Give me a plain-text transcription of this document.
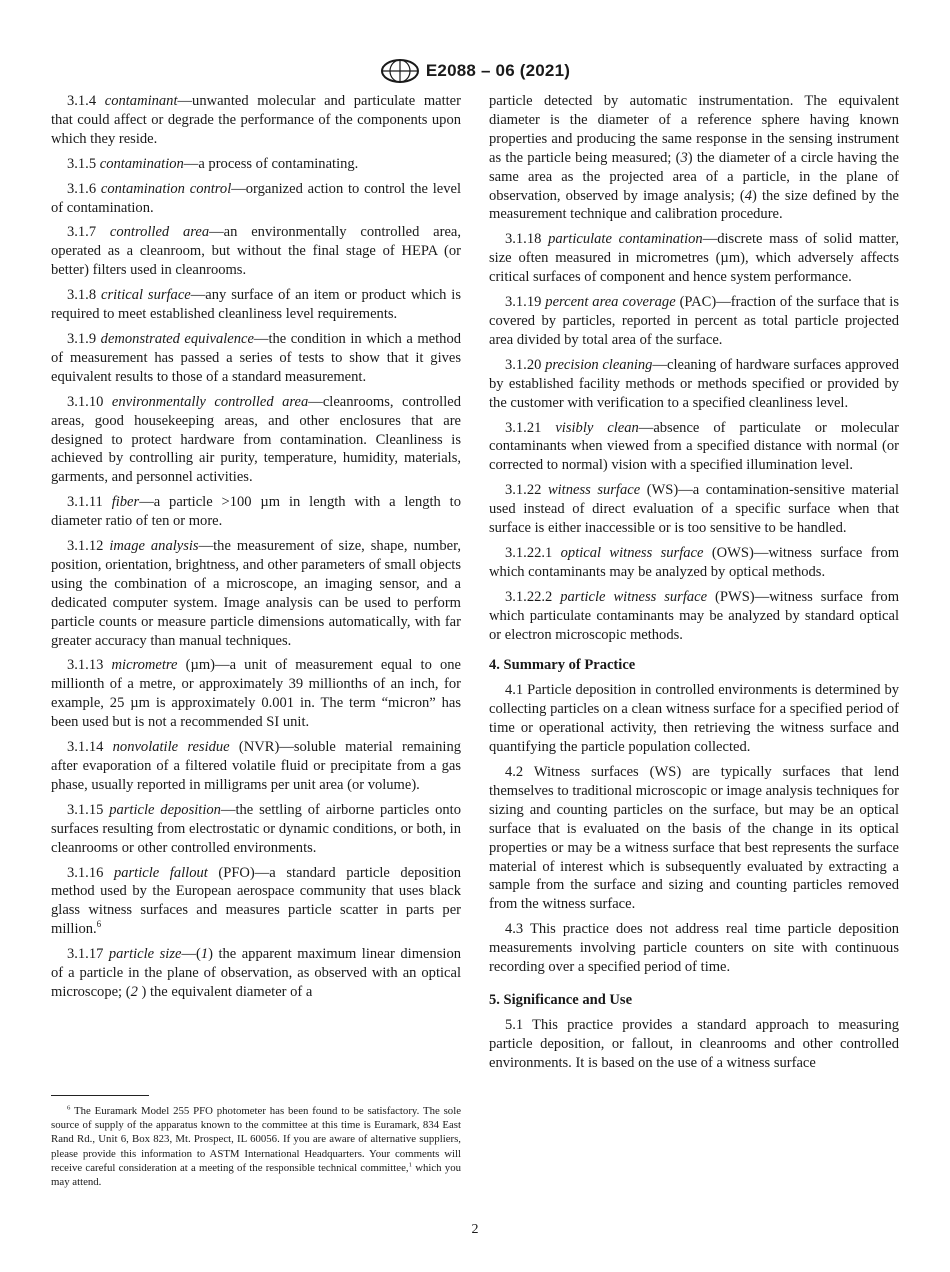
E2088 – 06 (2021)

3.1.4 contaminant—unwanted molecular and particulate matter that could affect or degrade the performance of the components upon which they reside.

3.1.5 contamination—a process of contaminating.

3.1.6 contamination control—organized action to control the level of contamination.

3.1.7 controlled area—an environmentally controlled area, operated as a cleanroom, but without the final stage of HEPA (or better) filters used in cleanrooms.

3.1.8 critical surface—any surface of an item or product which is required to meet established cleanliness level requirements.

3.1.9 demonstrated equivalence—the condition in which a method of measurement has passed a series of tests to show that it gives equivalent results to those of a standard measurement.

3.1.10 environmentally controlled area—cleanrooms, controlled areas, good housekeeping areas, and other enclosures that are designed to protect hardware from contamination. Cleanliness is achieved by controlling air purity, temperature, humidity, materials, garments, and personnel activities.

3.1.11 fiber—a particle >100 µm in length with a length to diameter ratio of ten or more.

3.1.12 image analysis—the measurement of size, shape, number, position, orientation, brightness, and other parameters of small objects using the combination of a microscope, an imaging sensor, and a dedicated computer system. Image analysis can be used to perform particle counts or measure particle dimensions automatically, with far greater accuracy than manual techniques.

3.1.13 micrometre (µm)—a unit of measurement equal to one millionth of a metre, or approximately 39 millionths of an inch, for example, 25 µm is approximately 0.001 in. The term “micron” has been used but is not a recommended SI unit.

3.1.14 nonvolatile residue (NVR)—soluble material remaining after evaporation of a filtered volatile fluid or precipitate from a gas phase, usually reported in milligrams per unit area (or volume).

3.1.15 particle deposition—the settling of airborne particles onto surfaces resulting from electrostatic or dynamic conditions, or both, in cleanrooms or other controlled environments.

3.1.16 particle fallout (PFO)—a standard particle deposition method used by the European aerospace community that uses black glass witness surfaces and measures particle scatter in parts per million.$^6$

3.1.17 particle size—(1) the apparent maximum linear dimension of a particle in the plane of observation, as observed with an optical microscope; (2 ) the equivalent diameter of a

$^6$ The Euramark Model 255 PFO photometer has been found to be satisfactory. The sole source of supply of the apparatus known to the committee at this time is Euramark, 834 East Rand Rd., Unit 6, Box 823, Mt. Prospect, IL 60056. If you are aware of alternative suppliers, please provide this information to ASTM International Headquarters. Your comments will receive careful consideration at a meeting of the responsible technical committee,$^1$ which you may attend.

particle detected by automatic instrumentation. The equivalent diameter is the diameter of a reference sphere having known properties and producing the same response in the sensing instrument as the particle being measured; (3) the diameter of a circle having the same area as the projected area of a particle, in the plane of observation, observed by image analysis; (4) the size defined by the measurement technique and calibration procedure.

3.1.18 particulate contamination—discrete mass of solid matter, size often measured in micrometres (µm), which adversely affects critical surfaces of component and hence system performance.

3.1.19 percent area coverage (PAC)—fraction of the surface that is covered by particles, reported in percent as total particle projected area divided by total area of the surface.

3.1.20 precision cleaning—cleaning of hardware surfaces approved by established facility methods or methods specified or provided by the customer with verification to a specified cleanliness level.

3.1.21 visibly clean—absence of particulate or molecular contaminants when viewed from a specified distance with normal (or corrected to normal) vision with a specified illumination level.

3.1.22 witness surface (WS)—a contamination-sensitive material used instead of direct evaluation of a specific surface when that surface is either inaccessible or is too sensitive to be handled.

3.1.22.1 optical witness surface (OWS)—witness surface from which contaminants may be analyzed by optical methods.

3.1.22.2 particle witness surface (PWS)—witness surface from which particulate contaminants may be analyzed by standard optical or electron microscopic methods.

4. Summary of Practice

4.1 Particle deposition in controlled environments is determined by collecting particles on a clean witness surface for a specified period of time or operational activity, then retrieving the witness surface and quantifying the particle population collected.

4.2 Witness surfaces (WS) are typically surfaces that lend themselves to traditional microscopic or image analysis techniques for sizing and counting particles on the surface, but may be an optical surface that is evaluated on the basis of the change in its optical properties or may be a witness surface that best represents the surface material of interest which is subsequently evaluated by extracting a sample from the surface and sizing and counting particles removed from the witness surface.

4.3 This practice does not address real time particle deposition measurements involving particle counters on site with continuous recording over a specified period of time.

5. Significance and Use

5.1 This practice provides a standard approach to measuring particle deposition, or fallout, in cleanrooms and other controlled environments. It is based on the use of a witness surface

2
